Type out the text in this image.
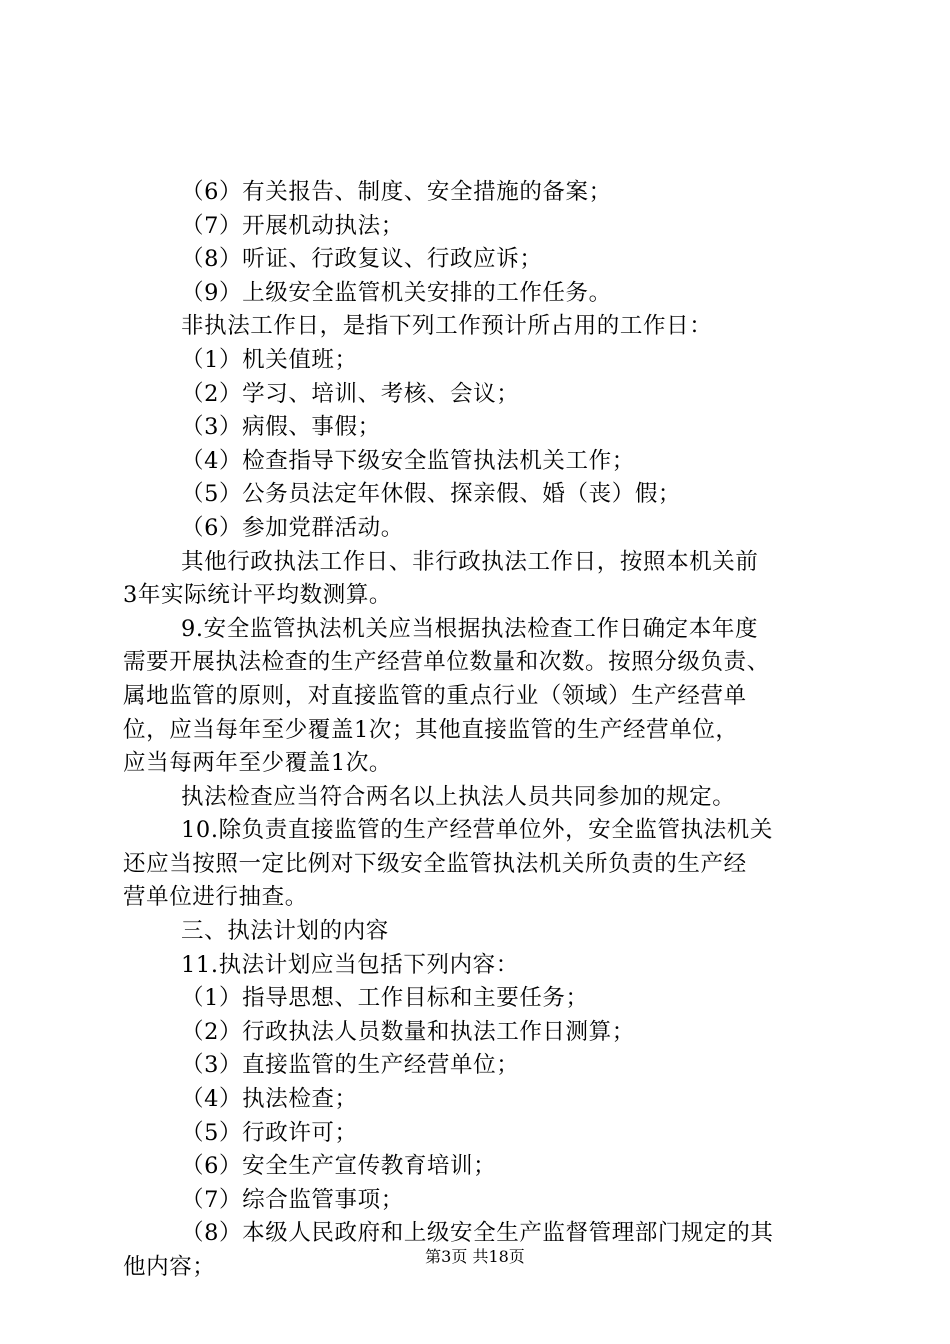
（6）有关报告、制度、安全措施的备案；
（7）开展机动执法；
（8）听证、行政复议、行政应诉；
（9）上级安全监管机关安排的工作任务。
非执法工作日，是指下列工作预计所占用的工作日：
（1）机关值班；
（2）学习、培训、考核、会议；
（3）病假、事假；
（4）检查指导下级安全监管执法机关工作；
（5）公务员法定年休假、探亲假、婚（丧）假；
（6）参加党群活动。
其他行政执法工作日、非行政执法工作日，按照本机关前
3年实际统计平均数测算。
9.安全监管执法机关应当根据执法检查工作日确定本年度
需要开展执法检查的生产经营单位数量和次数。按照分级负责、
属地监管的原则，对直接监管的重点行业（领域）生产经营单
位，应当每年至少覆盖1次；其他直接监管的生产经营单位，
应当每两年至少覆盖1次。
执法检查应当符合两名以上执法人员共同参加的规定。
10.除负责直接监管的生产经营单位外，安全监管执法机关
还应当按照一定比例对下级安全监管执法机关所负责的生产经
营单位进行抽查。
三、执法计划的内容
11.执法计划应当包括下列内容：
（1）指导思想、工作目标和主要任务；
（2）行政执法人员数量和执法工作日测算；
（3）直接监管的生产经营单位；
（4）执法检查；
（5）行政许可；
（6）安全生产宣传教育培训；
（7）综合监管事项；
（8）本级人民政府和上级安全生产监督管理部门规定的其
他内容；	第3页 共18页
